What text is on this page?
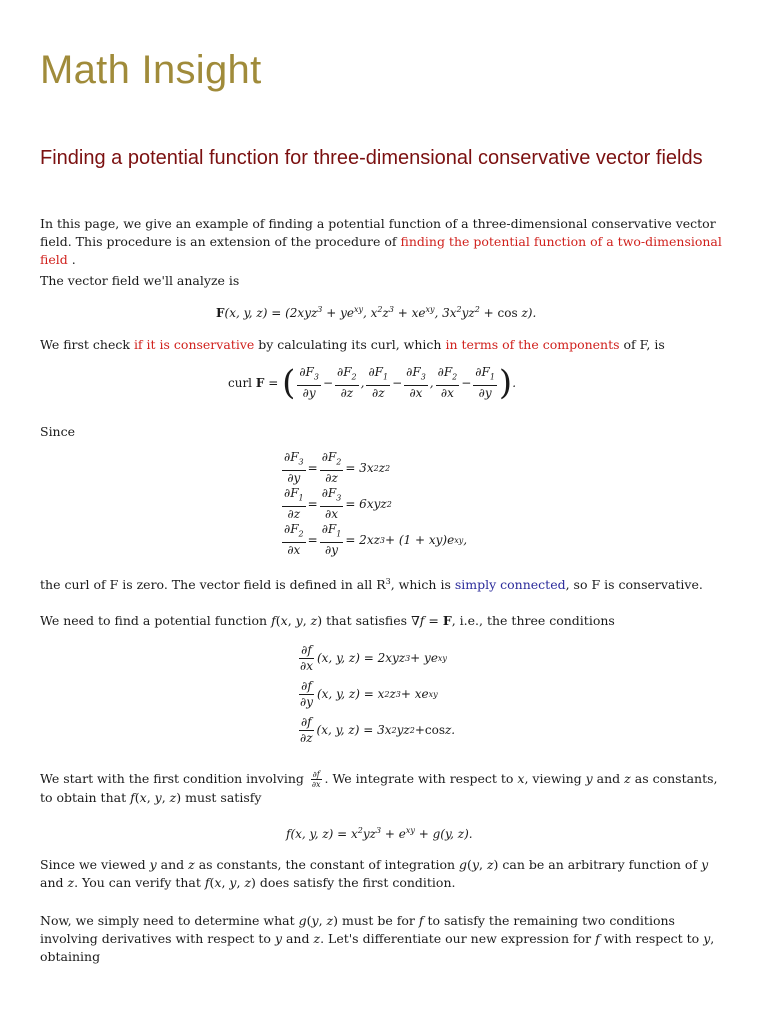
Math Insight
Finding a potential function for three-dimensional conservative vector fields
In this page, we give an example of finding a potential function of a three-dimensional conservative vector field. This procedure is an extension of the procedure of finding the potential function of a two-dimensional field .
The vector field we'll analyze is
F(x, y, $z) = (2xyz^3 + ye^{xy}$, $x^2z^3 + xe^{xy}$, $3x^2yz^2 + \cos z$).
We first check if it is conservative by calculating its curl, which in terms of the components of F, is
curl F = ( $\frac{\partial F_3}{\partial y} - \frac{\partial F_2}{\partial z}$ , $\frac{\partial F_1}{\partial z} - \frac{\partial F_3}{\partial x}$ , $\frac{\partial F_2}{\partial x} - \frac{\partial F_1}{\partial y}$ ) .
Since
$\frac{\partial F_3}{\partial y} = \frac{\partial F_2}{\partial z} = 3x$ 2 z 2
$\frac{\partial F_1}{\partial z} = \frac{\partial F_3}{\partial x} = 6xyz$ 2
$\frac{\partial F_2}{\partial x} = \frac{\partial F_1}{\partial y} = 2xz$ 3 + (1 + xy)e xy ,
the curl of F is zero. The vector field is defined in all $R^3$, which is simply connected, so F is conservative.
We need to find a potential function f(x, y, z) that satisfies ∇f = F, i.e., the three conditions
$\frac{\partial f}{\partial x} (x$, y, z) = 2xyz 3 + ye xy
$\frac{\partial f}{\partial y} (x$, y, z) = x 2 z 3 + xe xy
$\frac{\partial f}{\partial z} (x$, y, z) = 3x 2 yz 2 + cos z.
We start with the first condition involving $\frac{\partial f}{\partial x}$ . We integrate with respect to x, viewing y and z as constants, to obtain that f(x, y, z) must satisfy
f(x, y, $z) = x^2yz^3 + e^{xy} + g(y$, z).
Since we viewed y and z as constants, the constant of integration g(y, z) can be an arbitrary function of y and z. You can verify that f(x, y, z) does satisfy the first condition.
Now, we simply need to determine what g(y, z) must be for f to satisfy the remaining two conditions involving derivatives with respect to y and z. Let's differentiate our new expression for f with respect to y, obtaining
